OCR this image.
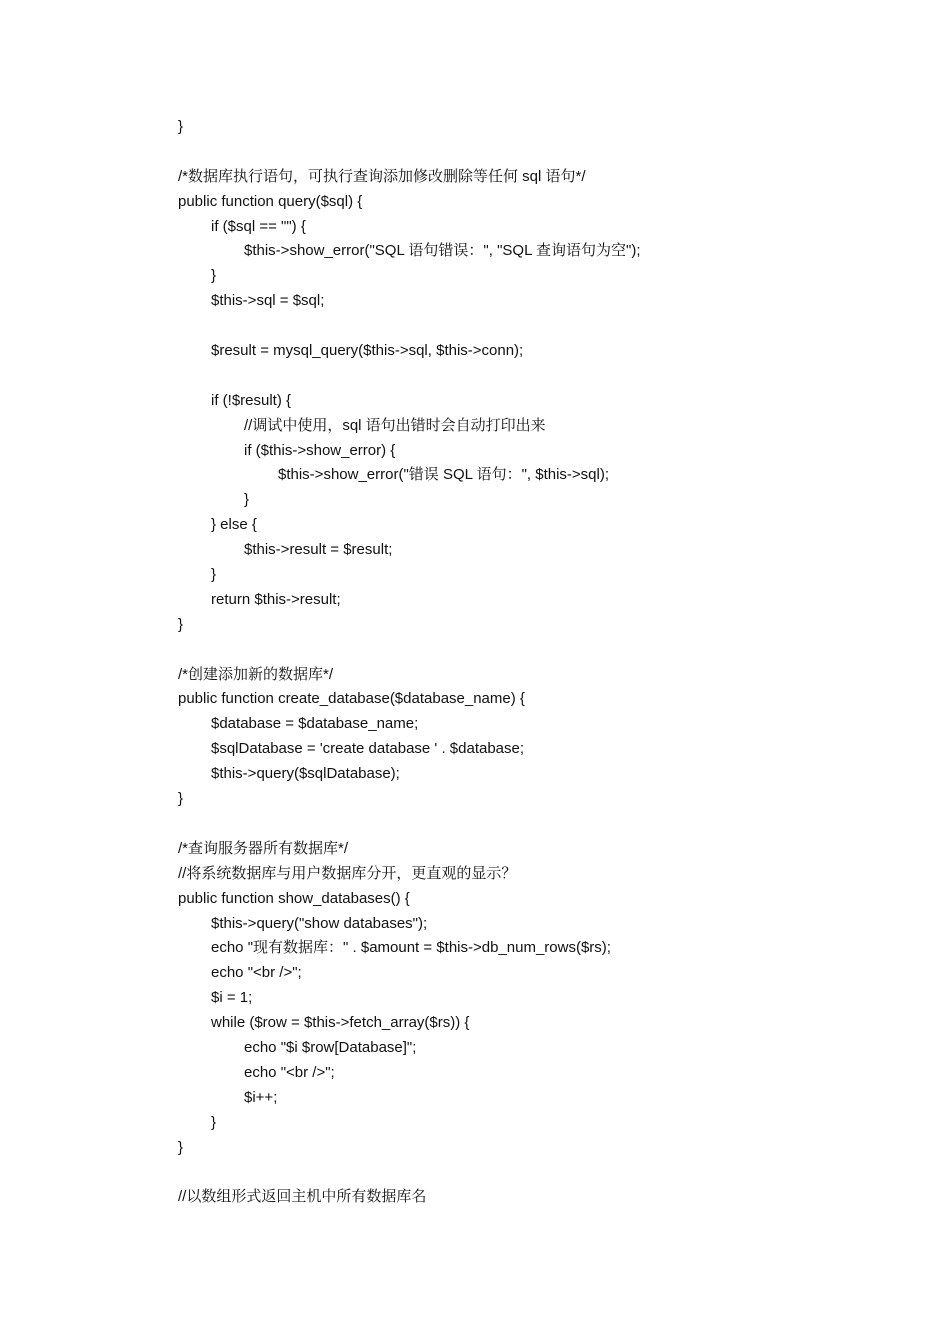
}
/*数据库执行语句，可执行查询添加修改删除等任何 sql 语句*/
public function query($sql) {
if ($sql == "") {
$this->show_error("SQL 语句错误：", "SQL 查询语句为空");
}
$this->sql = $sql;
$result = mysql_query($this->sql, $this->conn);
if (!$result) {
//调试中使用，sql 语句出错时会自动打印出来
if ($this->show_error) {
$this->show_error("错误 SQL 语句：", $this->sql);
}
} else {
$this->result = $result;
}
return $this->result;
}
/*创建添加新的数据库*/
public function create_database($database_name) {
$database = $database_name;
$sqlDatabase = 'create database ' . $database;
$this->query($sqlDatabase);
}
/*查询服务器所有数据库*/
//将系统数据库与用户数据库分开，更直观的显示？
public function show_databases() {
$this->query("show databases");
echo "现有数据库：" . $amount = $this->db_num_rows($rs);
echo "<br />";
$i = 1;
while ($row = $this->fetch_array($rs)) {
echo "$i $row[Database]";
echo "<br />";
$i++;
}
}
//以数组形式返回主机中所有数据库名
